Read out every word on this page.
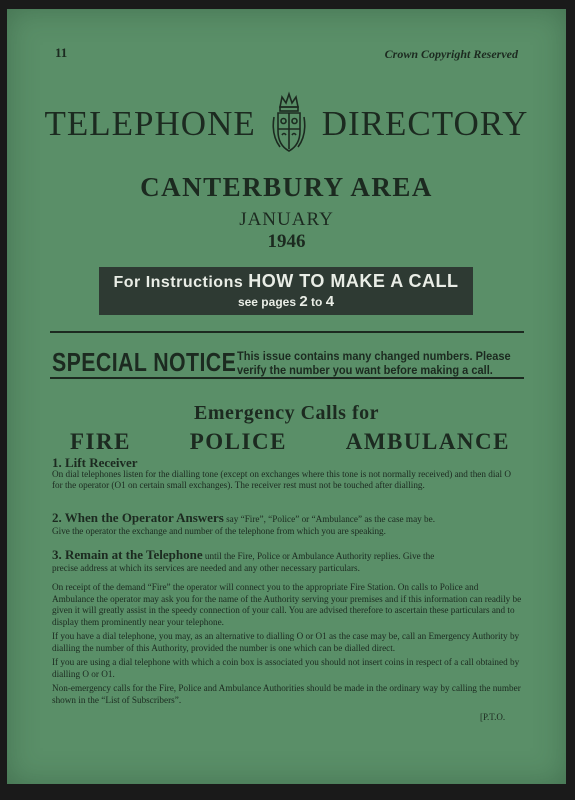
11	Crown Copyright Reserved
TELEPHONE DIRECTORY
CANTERBURY AREA
JANUARY
1946
For Instructions HOW TO MAKE A CALL
see pages 2 to 4
SPECIAL NOTICE This issue contains many changed numbers. Please
verify the number you want before making a call.
Emergency Calls for
FIRE	POLICE	AMBULANCE
1. Lift Receiver
On dial telephones listen for the dialling tone (except on exchanges where this tone is not normally received) and then dial O for the operator (O1 on certain small exchanges). The receiver rest must not be touched after dialling.
2. When the Operator Answers say “Fire”, “Police” or “Ambulance” as the case may be.
Give the operator the exchange and number of the telephone from which you are speaking.
3. Remain at the Telephone until the Fire, Police or Ambulance Authority replies. Give the
precise address at which its services are needed and any other necessary particulars.
On receipt of the demand “Fire” the operator will connect you to the appropriate Fire Station. On calls to Police and Ambulance the operator may ask you for the name of the Authority serving your premises and if this information can readily be given it will greatly assist in the speedy connection of your call. You are advised therefore to ascertain these particulars and to display them prominently near your telephone.
If you have a dial telephone, you may, as an alternative to dialling O or O1 as the case may be, call an Emergency Authority by dialling the number of this Authority, provided the number is one which can be dialled direct.
If you are using a dial telephone with which a coin box is associated you should not insert coins in respect of a call obtained by dialling O or O1.
Non-emergency calls for the Fire, Police and Ambulance Authorities should be made in the ordinary way by calling the number shown in the “List of Subscribers”.
[P.T.O.
